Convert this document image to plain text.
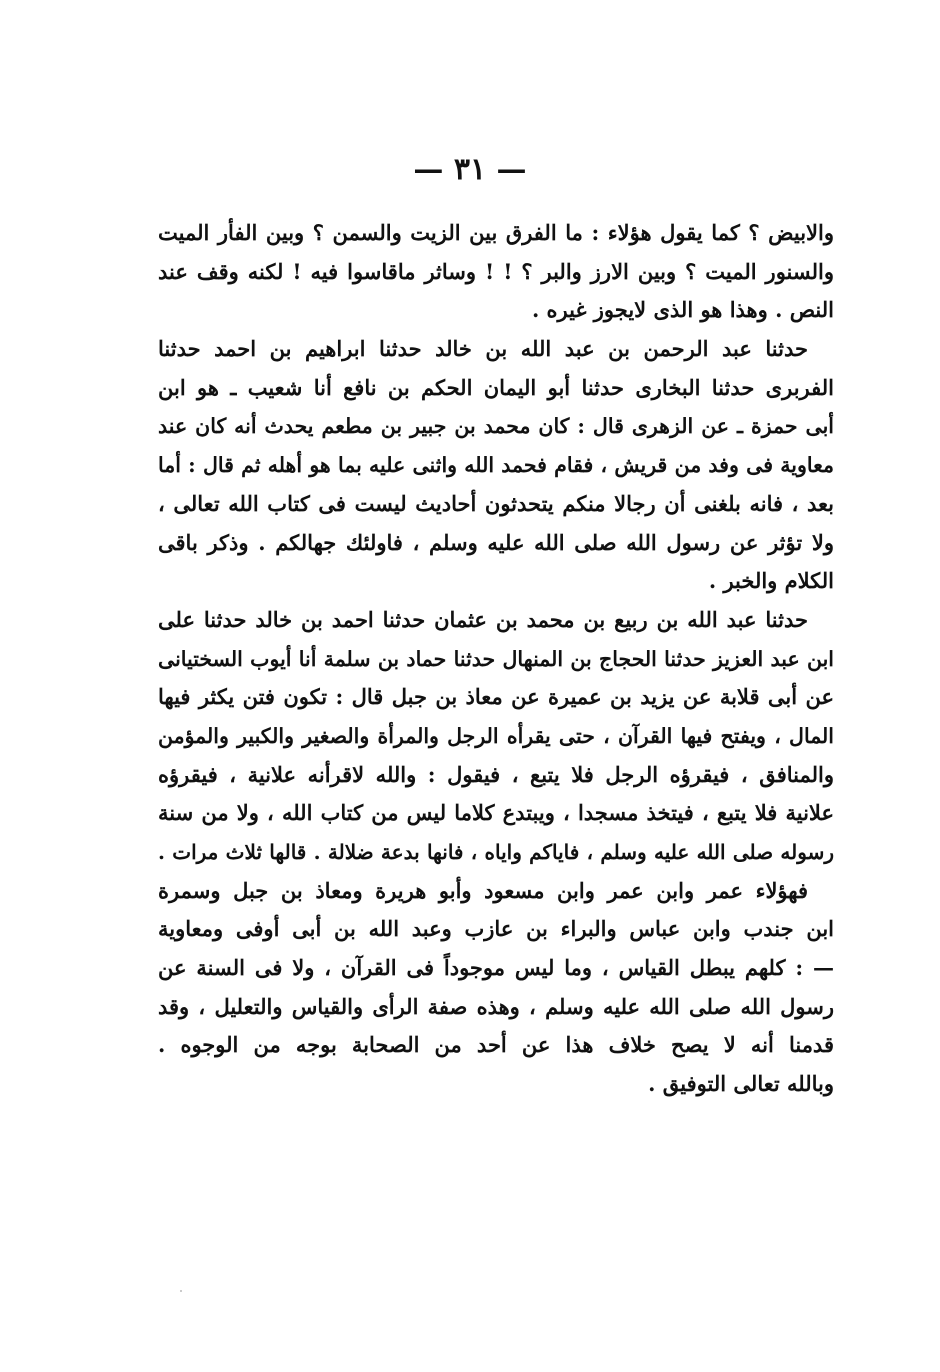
— ٣١ —
والابيض ؟ كما يقول هؤلاء : ما الفرق بين الزيت والسمن ؟ وبين الفأر الميت
والسنور الميت ؟ وبين الارز والبر ؟ ! ! وساثر ماقاسوا فيه ! لكنه وقف عند
النص . وهذا هو الذى لايجوز غيره .
حدثنا عبد الرحمن بن عبد الله بن خالد حدثنا ابراهيم بن احمد حدثنا
الفربرى حدثنا البخارى حدثنا أبو اليمان الحكم بن نافع أنا شعيب ـ هو ابن
أبى حمزة ـ عن الزهرى قال : كان محمد بن جبير بن مطعم يحدث أنه كان عند
معاوية فى وفد من قريش ، فقام فحمد الله واثنى عليه بما هو أهله ثم قال : أما
بعد ، فانه بلغنى أن رجالا منكم يتحدثون أحاديث ليست فى كتاب الله تعالى ،
ولا تؤثر عن رسول الله صلى الله عليه وسلم ، فاولئك جهالكم . وذكر باقى
الكلام والخبر .
حدثنا عبد الله بن ربيع بن محمد بن عثمان حدثنا احمد بن خالد حدثنا على
ابن عبد العزيز حدثنا الحجاج بن المنهال حدثنا حماد بن سلمة أنا أيوب السختيانى
عن أبى قلابة عن يزيد بن عميرة عن معاذ بن جبل قال : تكون فتن يكثر فيها
المال ، ويفتح فيها القرآن ، حتى يقرأه الرجل والمرأة والصغير والكبير والمؤمن
والمنافق ، فيقرؤه الرجل فلا يتبع ، فيقول : والله لاقرأنه علانية ، فيقرؤه
علانية فلا يتبع ، فيتخذ مسجدا ، ويبتدع كلاما ليس من كتاب الله ، ولا من سنة
رسوله صلى الله عليه وسلم ، فاياكم واياه ، فانها بدعة ضلالة . قالها ثلاث مرات .
فهؤلاء عمر وابن عمر وابن مسعود وأبو هريرة ومعاذ بن جبل وسمرة
ابن جندب وابن عباس والبراء بن عازب وعبد الله بن أبى أوفى ومعاوية
— : كلهم يبطل القياس ، وما ليس موجوداً فى القرآن ، ولا فى السنة عن
رسول الله صلى الله عليه وسلم ، وهذه صفة الرأى والقياس والتعليل ، وقد
قدمنا أنه لا يصح خلاف هذا عن أحد من الصحابة بوجه من الوجوه .
وبالله تعالى التوفيق .
